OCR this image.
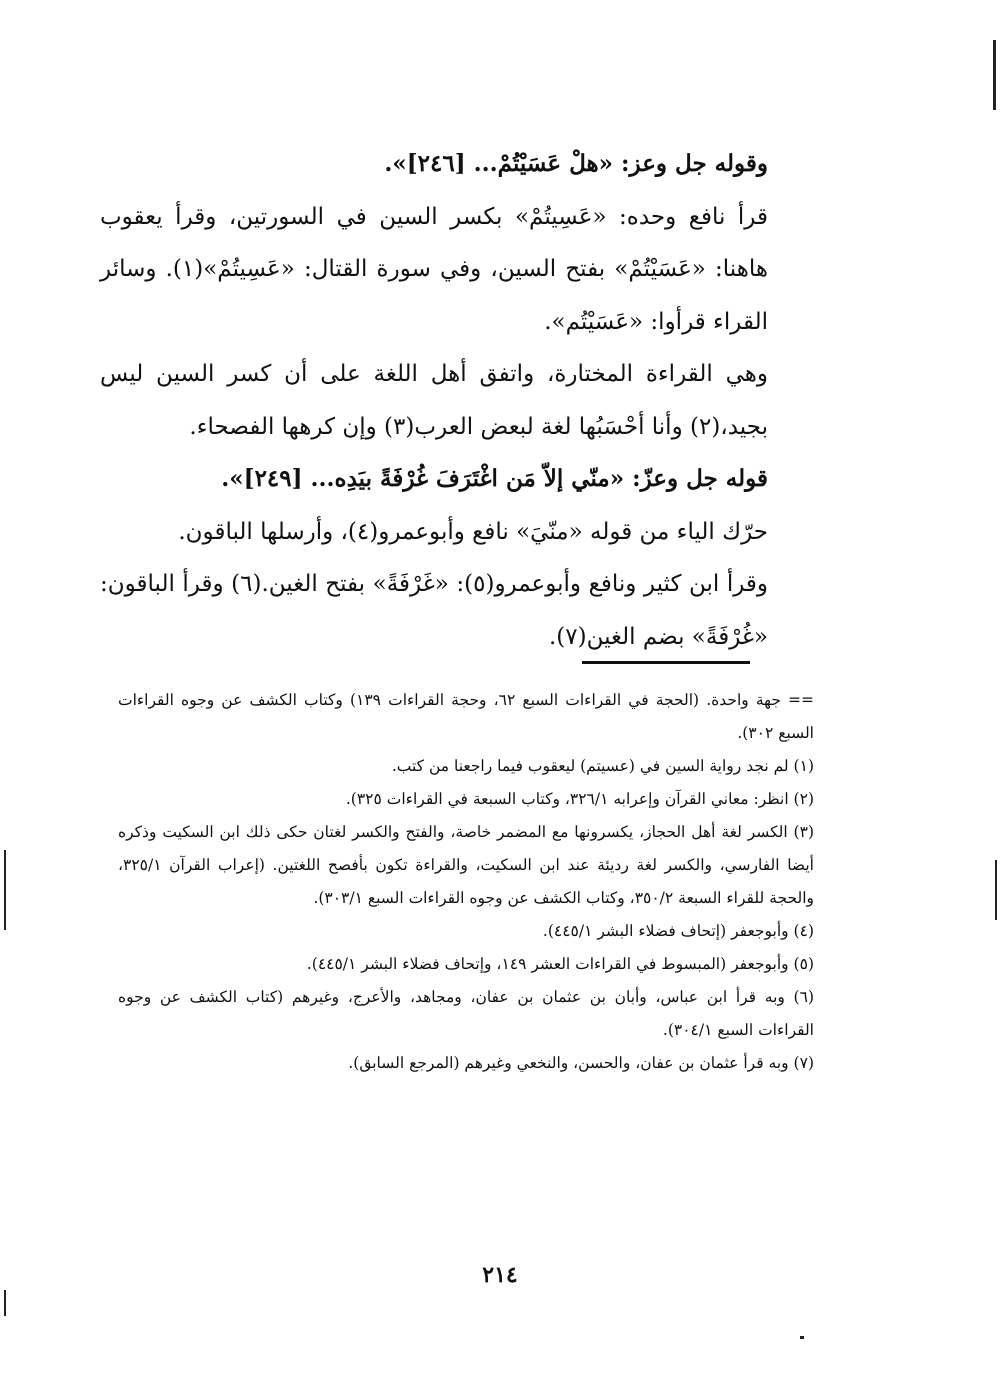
وقوله جل وعز: «هلْ عَسَيْتُمْ... [٢٤٦]».

قرأ نافع وحده: «عَسِيتُمْ» بكسر السين في السورتين، وقرأ يعقوب هاهنا: «عَسَيْتُمْ» بفتح السين، وفي سورة القتال: «عَسِيتُمْ»(١). وسائر القراء قرأوا: «عَسَيْتُم».

وهي القراءة المختارة، واتفق أهل اللغة على أن كسر السين ليس بجيد،(٢) وأنا أحْسَبُها لغة لبعض العرب(٣) وإن كرهها الفصحاء.

قوله جل وعزّ: «منّي إلاّ مَن اغْتَرَفَ غُرْفَةً بيَدِه... [٢٤٩]».

حرّك الياء من قوله «منّيَ» نافع وأبوعمرو(٤)، وأرسلها الباقون.

وقرأ ابن كثير ونافع وأبوعمرو(٥): «غَرْفَةً» بفتح الغين.(٦) وقرأ الباقون: «غُرْفَةً» بضم الغين(٧).

== جهة واحدة. (الحجة في القراءات السبع ٦٢، وحجة القراءات ١٣٩) وكتاب الكشف عن وجوه القراءات السبع ٣٠٢).

(١) لم نجد رواية السين في (عسيتم) ليعقوب فيما راجعنا من كتب.

(٢) انظر: معاني القرآن وإعرابه ٣٢٦/١، وكتاب السبعة في القراءات ٣٢٥).

(٣) الكسر لغة أهل الحجاز، يكسرونها مع المضمر خاصة، والفتح والكسر لغتان حكى ذلك ابن السكيت وذكره أيضا الفارسي، والكسر لغة رديئة عند ابن السكيت، والقراءة تكون بأفصح اللغتين. (إعراب القرآن ٣٢٥/١، والحجة للقراء السبعة ٣٥٠/٢، وكتاب الكشف عن وجوه القراءات السبع ٣٠٣/١).

(٤) وأبوجعفر (إتحاف فضلاء البشر ٤٤٥/١).

(٥) وأبوجعفر (المبسوط في القراءات العشر ١٤٩، وإتحاف فضلاء البشر ٤٤٥/١).

(٦) وبه قرأ ابن عباس، وأبان بن عثمان بن عفان، ومجاهد، والأعرج، وغيرهم (كتاب الكشف عن وجوه القراءات السبع ٣٠٤/١).

(٧) وبه قرأ عثمان بن عفان، والحسن، والنخعي وغيرهم (المرجع السابق).

٢١٤
